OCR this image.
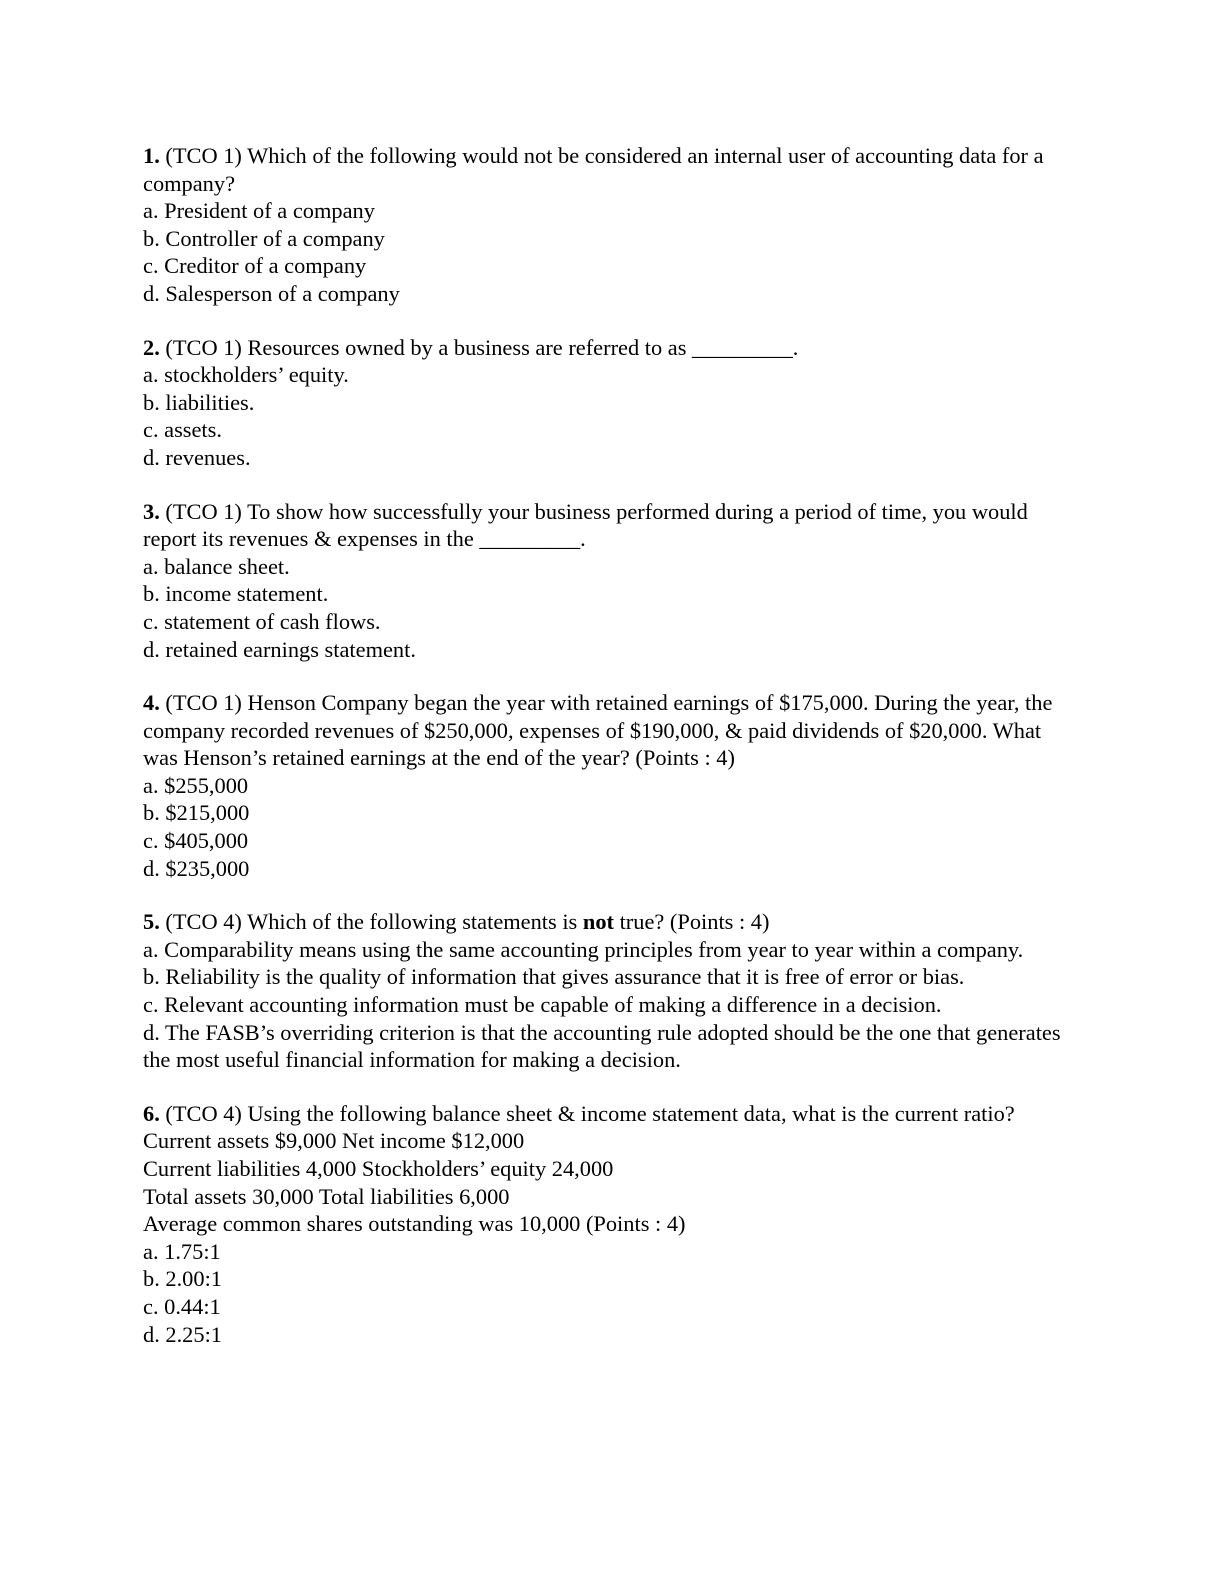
1. (TCO 1) Which of the following would not be considered an internal user of accounting data for a company?
a. President of a company
b. Controller of a company
c. Creditor of a company
d. Salesperson of a company
2. (TCO 1) Resources owned by a business are referred to as _________.
a. stockholders’ equity.
b. liabilities.
c. assets.
d. revenues.
3. (TCO 1) To show how successfully your business performed during a period of time, you would report its revenues & expenses in the _________.
a. balance sheet.
b. income statement.
c. statement of cash flows.
d. retained earnings statement.
4. (TCO 1) Henson Company began the year with retained earnings of $175,000. During the year, the company recorded revenues of $250,000, expenses of $190,000, & paid dividends of $20,000. What was Henson’s retained earnings at the end of the year? (Points : 4)
a. $255,000
b. $215,000
c. $405,000
d. $235,000
5. (TCO 4) Which of the following statements is not true? (Points : 4)
a. Comparability means using the same accounting principles from year to year within a company.
b. Reliability is the quality of information that gives assurance that it is free of error or bias.
c. Relevant accounting information must be capable of making a difference in a decision.
d. The FASB’s overriding criterion is that the accounting rule adopted should be the one that generates the most useful financial information for making a decision.
6. (TCO 4) Using the following balance sheet & income statement data, what is the current ratio?
Current assets $9,000 Net income $12,000
Current liabilities 4,000 Stockholders’ equity 24,000
Total assets 30,000 Total liabilities 6,000
Average common shares outstanding was 10,000 (Points : 4)
a. 1.75:1
b. 2.00:1
c. 0.44:1
d. 2.25:1
